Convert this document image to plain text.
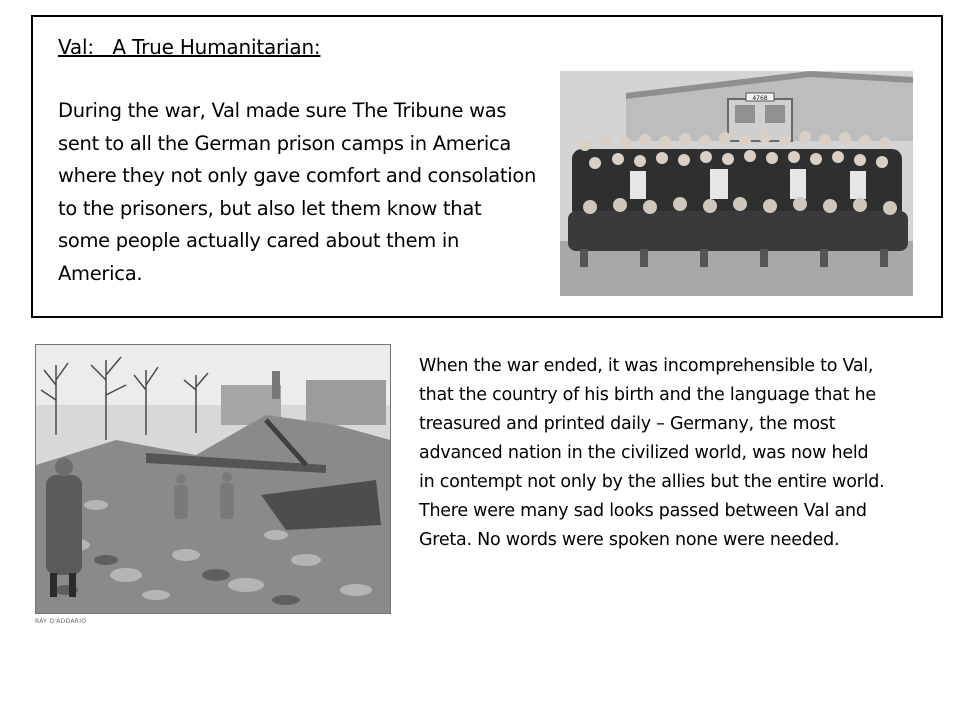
Val:   A True Humanitarian:
During the war, Val made sure The Tribune was sent to all the German prison camps in America where they not only gave comfort and consolation to the prisoners, but also let them know that some people actually cared about them in America.
4768
RAY D'ADDARIO
When the war ended, it was incomprehensible to Val, that the country of his birth and the language that he treasured and printed daily – Germany, the most advanced nation in the civilized world, was now held in contempt not only by the allies but the entire world. There were many sad looks passed between Val and Greta. No words were spoken none were needed.
